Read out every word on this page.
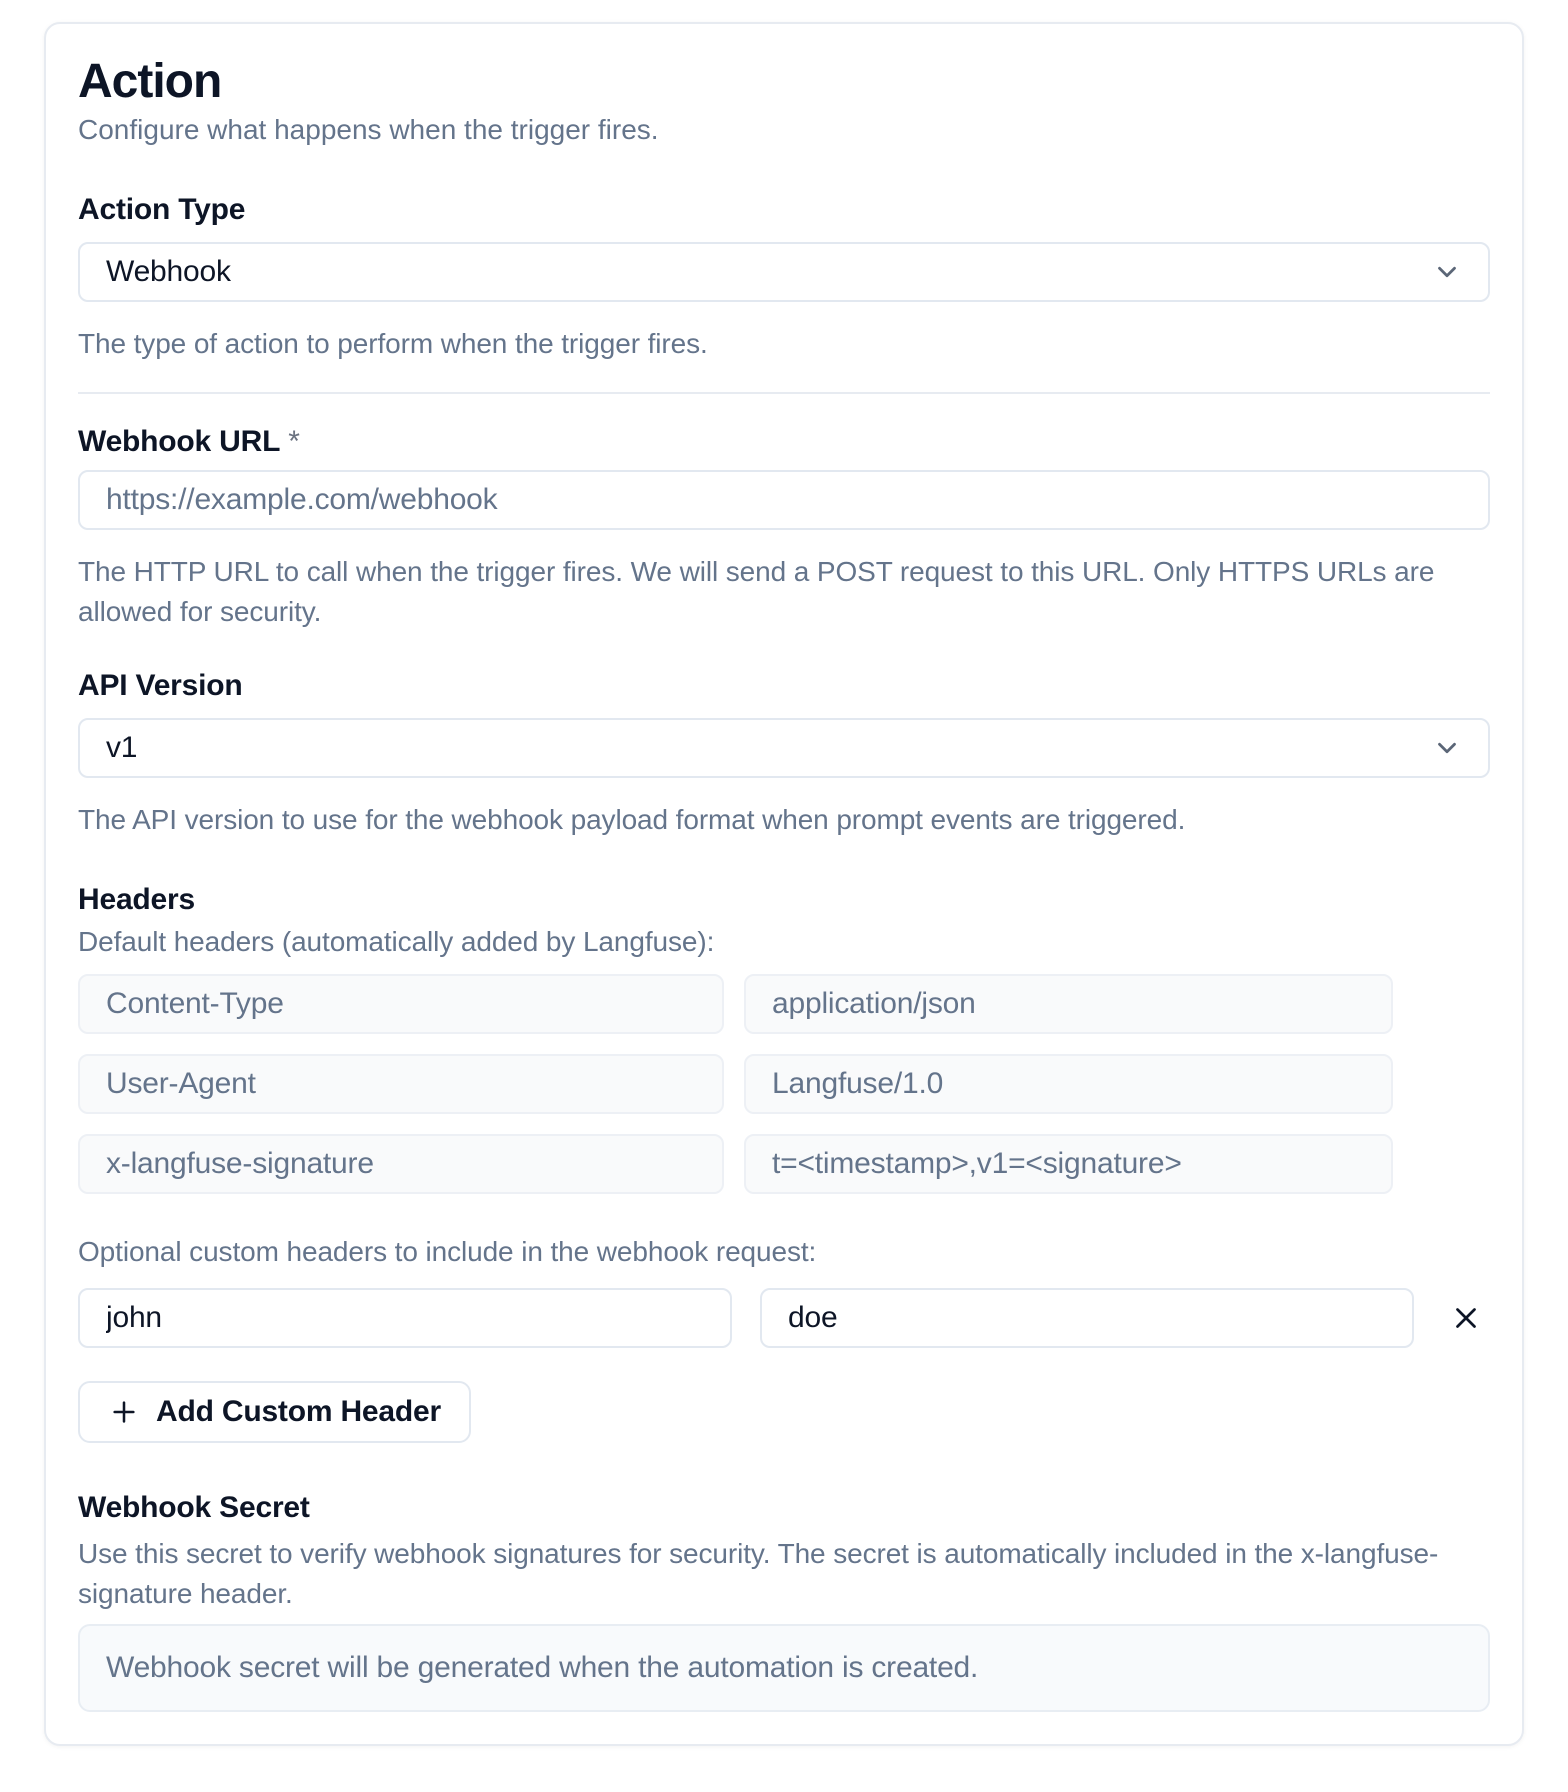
Action
Configure what happens when the trigger fires.
Action Type
Webhook
The type of action to perform when the trigger fires.
Webhook URL *
https://example.com/webhook
The HTTP URL to call when the trigger fires. We will send a POST request to this URL. Only HTTPS URLs are allowed for security.
API Version
v1
The API version to use for the webhook payload format when prompt events are triggered.
Headers
Default headers (automatically added by Langfuse):
Content-Type
application/json
User-Agent
Langfuse/1.0
x-langfuse-signature
t=<timestamp>,v1=<signature>
Optional custom headers to include in the webhook request:
john
doe
Add Custom Header
Webhook Secret
Use this secret to verify webhook signatures for security. The secret is automatically included in the x-langfuse-signature header.
Webhook secret will be generated when the automation is created.
